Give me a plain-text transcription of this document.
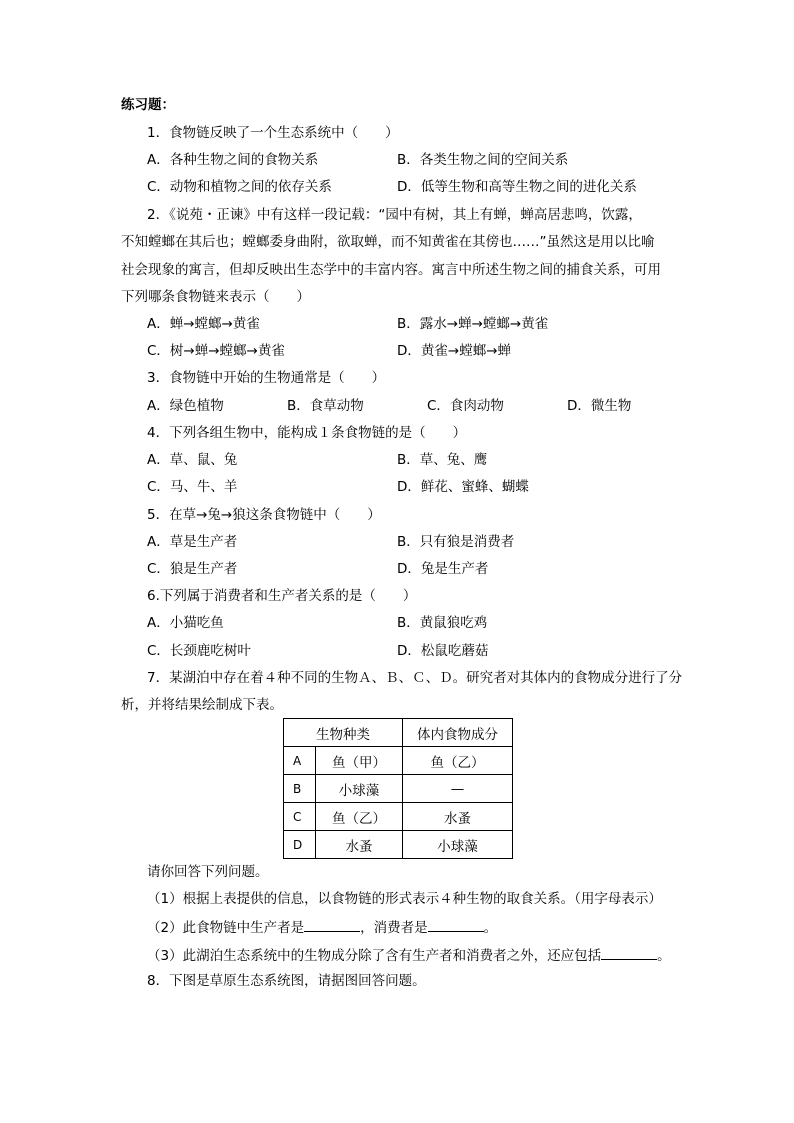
练习题：
1．食物链反映了一个生态系统中（　　）
A．各种生物之间的食物关系	B．各类生物之间的空间关系
C．动物和植物之间的依存关系	D．低等生物和高等生物之间的进化关系
2．《说苑・正谏》中有这样一段记载：“园中有树，其上有蝉，蝉高居悲鸣，饮露，
不知螳螂在其后也；螳螂委身曲附，欲取蝉，而不知黄雀在其傍也……”虽然这是用以比喻
社会现象的寓言，但却反映出生态学中的丰富内容。寓言中所述生物之间的捕食关系，可用
下列哪条食物链来表示（　　）
A．蝉→螳螂→黄雀	B．露水→蝉→螳螂→黄雀
C．树→蝉→螳螂→黄雀	D．黄雀→螳螂→蝉
3．食物链中开始的生物通常是（　　）
A．绿色植物	B．食草动物	C．食肉动物	D．微生物
4．下列各组生物中，能构成１条食物链的是（　　）
A．草、鼠、兔	B．草、兔、鹰
C．马、牛、羊	D．鲜花、蜜蜂、蝴蝶
5．在草→兔→狼这条食物链中（　　）
A．草是生产者	B．只有狼是消费者
C．狼是生产者	D．兔是生产者
6.下列属于消费者和生产者关系的是（　　）
A．小猫吃鱼	B．黄鼠狼吃鸡
C．长颈鹿吃树叶	D．松鼠吃蘑菇
7．某湖泊中存在着４种不同的生物Ａ、Ｂ、Ｃ、Ｄ。研究者对其体内的食物成分进行了分
析，并将结果绘制成下表。
生物种类		体内食物成分
A	鱼（甲）	鱼（乙）
B	小球藻	—
C	鱼（乙）	水蚤
D	水蚤	小球藻
请你回答下列问题。
（1）根据上表提供的信息，以食物链的形式表示４种生物的取食关系。（用字母表示）
（2）此食物链中生产者是	，消费者是	。
（3）此湖泊生态系统中的生物成分除了含有生产者和消费者之外，还应包括	。
8．下图是草原生态系统图，请据图回答问题。
